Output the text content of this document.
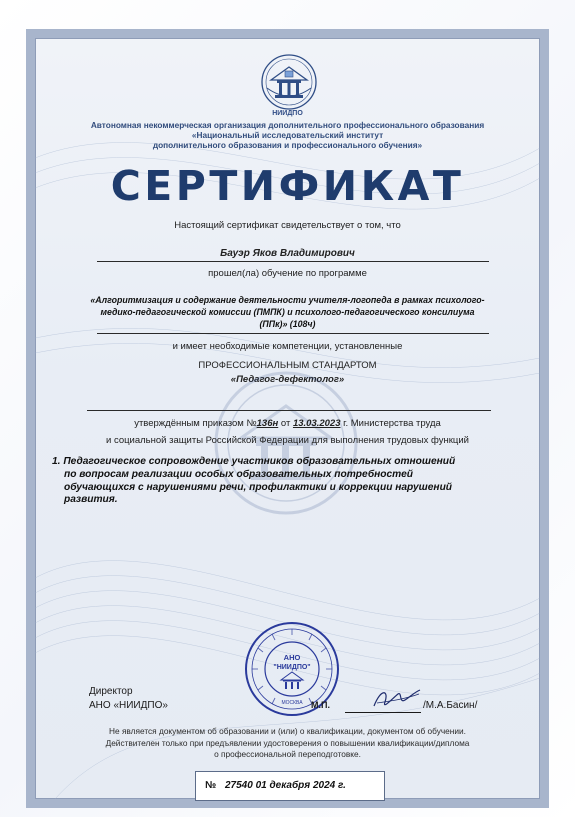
НИИДПО
Автономная некоммерческая организация дополнительного профессионального образования
«Национальный исследовательский институт
дополнительного образования и профессионального обучения»
СЕРТИФИКАТ
Настоящий сертификат свидетельствует о том, что
Бауэр Яков Владимирович
прошел(ла) обучение по программе
«Алгоритмизация и содержание деятельности учителя-логопеда в рамках психолого-
медико-педагогической комиссии (ПМПК) и психолого-педагогического консилиума
(ППк)» (108ч)
и имеет необходимые компетенции, установленные
ПРОФЕССИОНАЛЬНЫМ СТАНДАРТОМ
«Педагог-дефектолог»
утверждённым приказом №136н от 13.03.2023 г. Министерства труда
и социальной защиты Российской Федерации для выполнения трудовых функций
1. Педагогическое сопровождение участников образовательных отношений
по вопросам реализации особых образовательных потребностей
обучающихся с нарушениями речи, профилактики и коррекции нарушений
развития.
АНО
"НИИДПО"
МОСКВА
Директор
АНО «НИИДПО»	М.П.	/М.А.Басин/
Не является документом об образовании и (или) о квалификации, документом об обучении.
Действителен только при предъявлении удостоверения о повышении квалификации/диплома
о профессиональной переподготовке.
№ 27540 01 декабря 2024 г.
